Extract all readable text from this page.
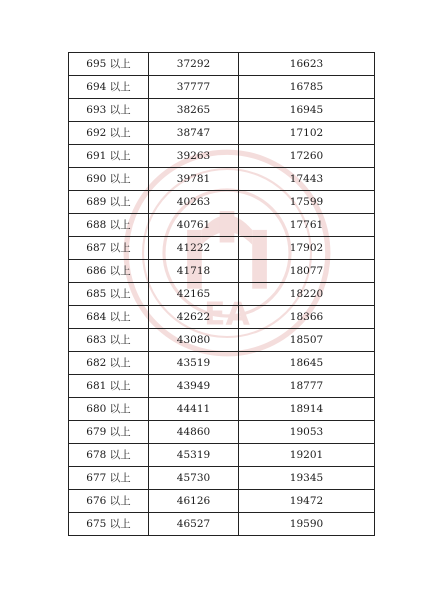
EA
695 以上	37292	16623
694 以上	37777	16785
693 以上	38265	16945
692 以上	38747	17102
691 以上	39263	17260
690 以上	39781	17443
689 以上	40263	17599
688 以上	40761	17761
687 以上	41222	17902
686 以上	41718	18077
685 以上	42165	18220
684 以上	42622	18366
683 以上	43080	18507
682 以上	43519	18645
681 以上	43949	18777
680 以上	44411	18914
679 以上	44860	19053
678 以上	45319	19201
677 以上	45730	19345
676 以上	46126	19472
675 以上	46527	19590
